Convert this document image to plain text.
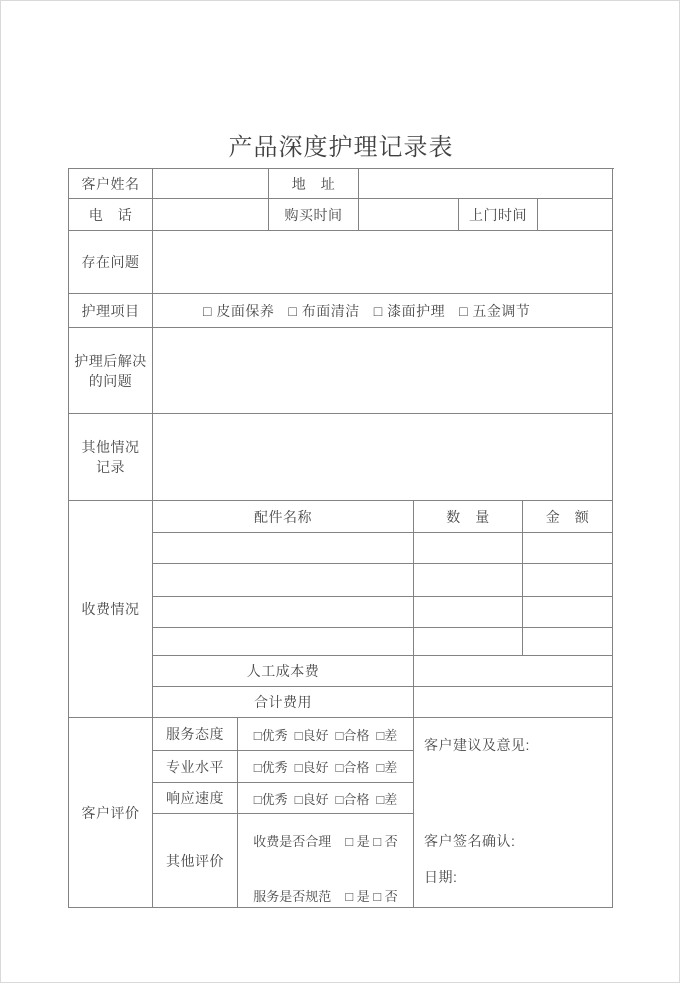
产品深度护理记录表
客户姓名	地　址
电　话	购买时间	上门时间
存在问题
护理项目	□ 皮面保养 □ 布面清洁 □ 漆面护理 □ 五金调节
护理后解决
的问题
其他情况
记录
收费情况
配件名称	数　量	金　额
人工成本费
合计费用
客户评价
服务态度	□优秀 □良好 □合格 □差
专业水平	□优秀 □良好 □合格 □差
响应速度	□优秀 □良好 □合格 □差
其他评价
收费是否合理 □ 是 □ 否
服务是否规范 □ 是 □ 否
客户建议及意见:
客户签名确认:
日期:
